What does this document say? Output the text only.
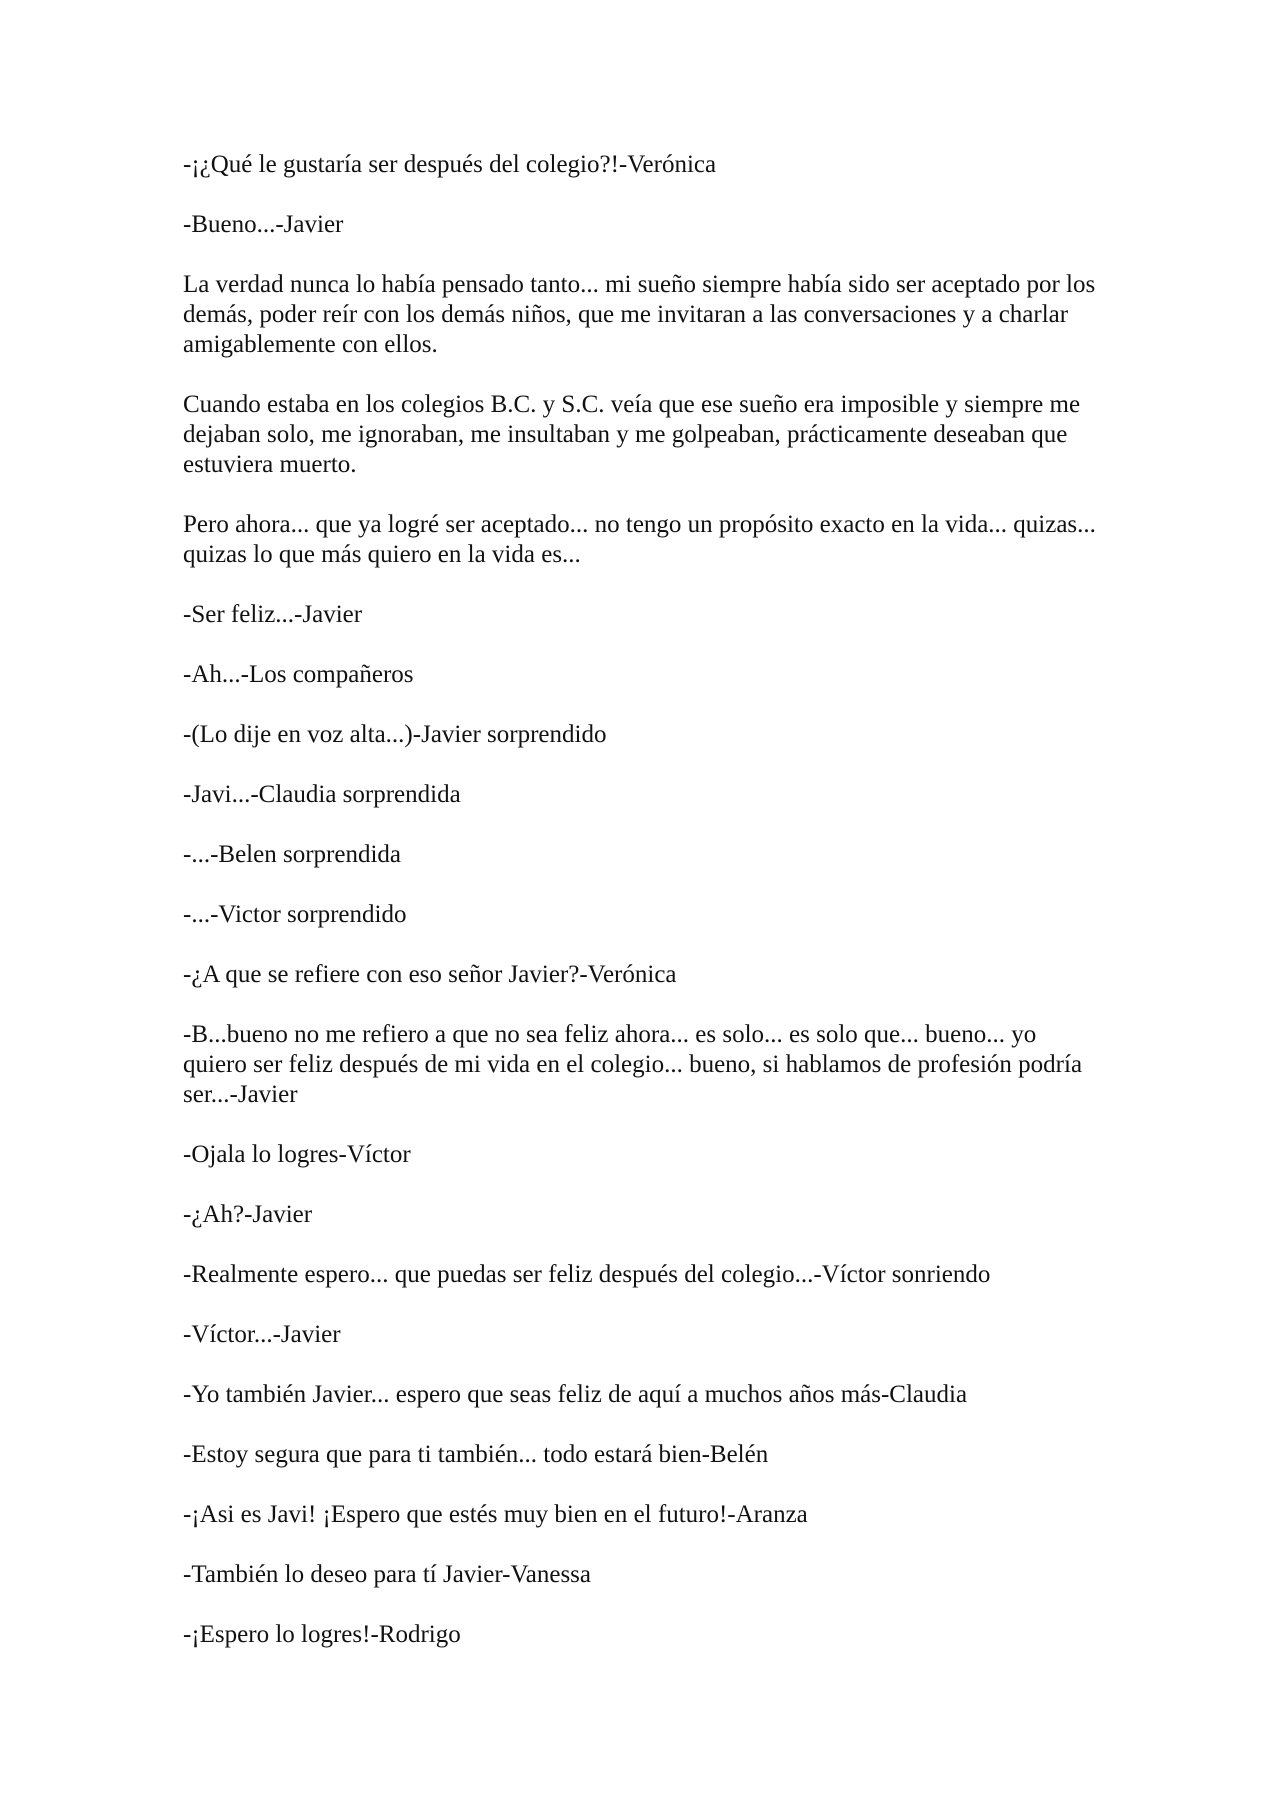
-¡¿Qué le gustaría ser después del colegio?!-Verónica

-Bueno...-Javier

La verdad nunca lo había pensado tanto... mi sueño siempre había sido ser aceptado por los demás, poder reír con los demás niños, que me invitaran a las conversaciones y a charlar amigablemente con ellos.

Cuando estaba en los colegios B.C. y S.C. veía que ese sueño era imposible y siempre me dejaban solo, me ignoraban, me insultaban y me golpeaban, prácticamente deseaban que estuviera muerto.

Pero ahora... que ya logré ser aceptado... no tengo un propósito exacto en la vida... quizas... quizas lo que más quiero en la vida es...

-Ser feliz...-Javier

-Ah...-Los compañeros

-(Lo dije en voz alta...)-Javier sorprendido

-Javi...-Claudia sorprendida

-...-Belen sorprendida

-...-Victor sorprendido

-¿A que se refiere con eso señor Javier?-Verónica

-B...bueno no me refiero a que no sea feliz ahora... es solo... es solo que... bueno... yo quiero ser feliz después de mi vida en el colegio... bueno, si hablamos de profesión podría ser...-Javier

-Ojala lo logres-Víctor

-¿Ah?-Javier

-Realmente espero... que puedas ser feliz después del colegio...-Víctor sonriendo

-Víctor...-Javier

-Yo también Javier... espero que seas feliz de aquí a muchos años más-Claudia

-Estoy segura que para ti también... todo estará bien-Belén

-¡Asi es Javi! ¡Espero que estés muy bien en el futuro!-Aranza

-También lo deseo para tí Javier-Vanessa

-¡Espero lo logres!-Rodrigo
